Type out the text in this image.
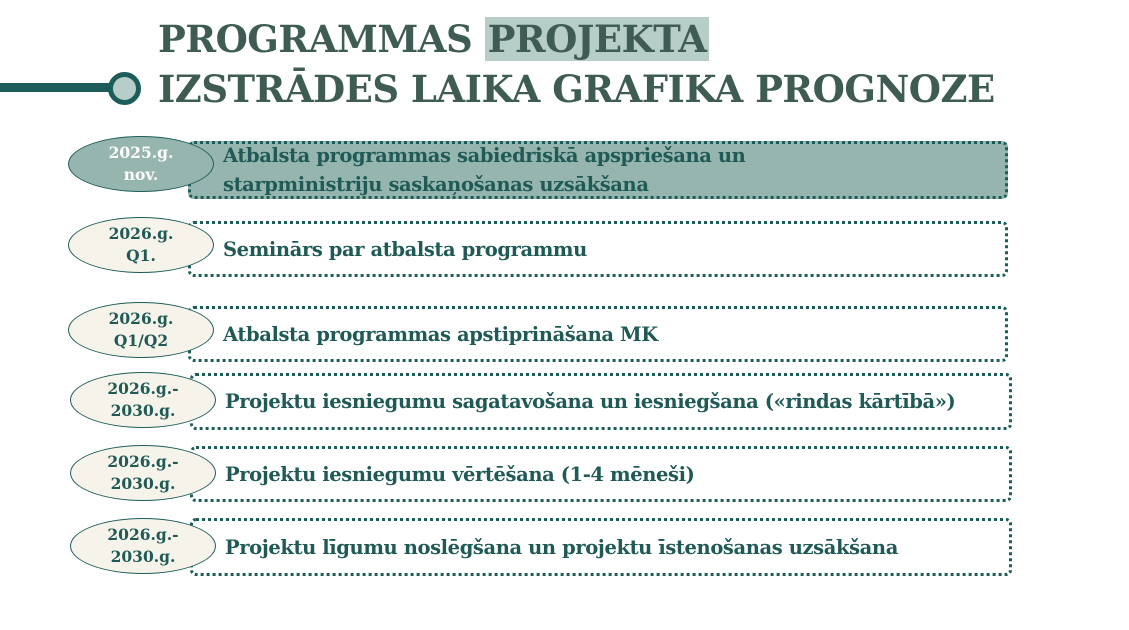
PROGRAMMAS PROJEKTA
IZSTRĀDES LAIKA GRAFIKA PROGNOZE
Atbalsta programmas sabiedriskā apspriešana un
starpministriju saskaņošanas uzsākšana
2025.g.
nov.
Seminārs par atbalsta programmu
2026.g.
Q1.
Atbalsta programmas apstiprināšana MK
2026.g.
Q1/Q2
Projektu iesniegumu sagatavošana un iesniegšana («rindas kārtībā»)
2026.g.-
2030.g.
Projektu iesniegumu vērtēšana (1-4 mēneši)
2026.g.-
2030.g.
Projektu līgumu noslēgšana un projektu īstenošanas uzsākšana
2026.g.-
2030.g.
